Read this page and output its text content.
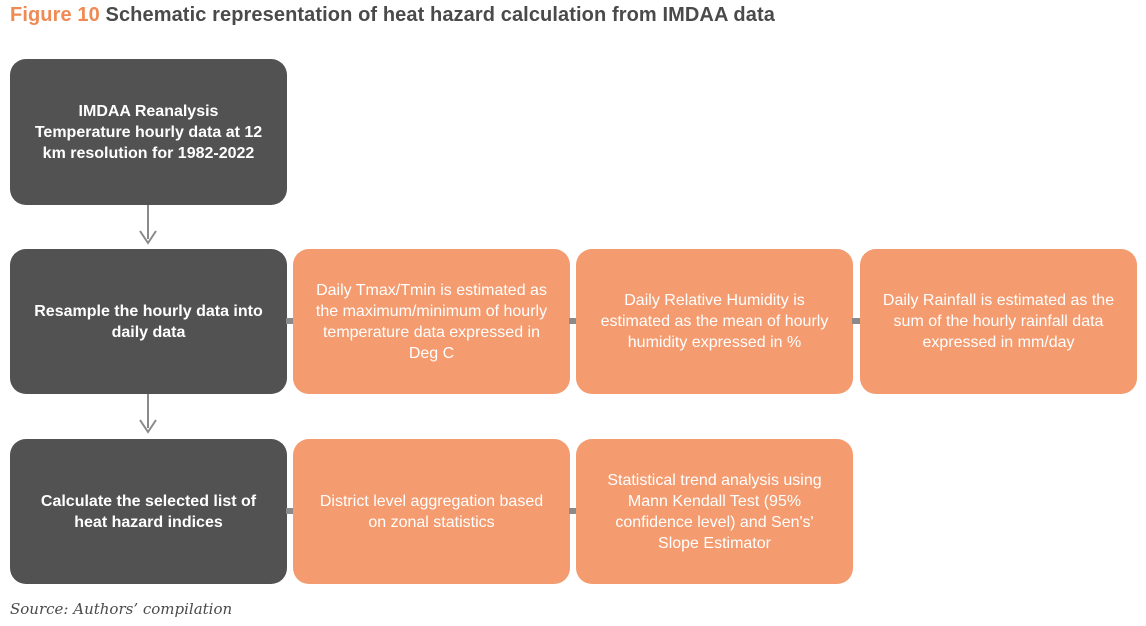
Figure 10 Schematic representation of heat hazard calculation from IMDAA data
IMDAA Reanalysis Temperature hourly data at 12 km resolution for 1982-2022
Resample the hourly data into daily data
Daily Tmax/Tmin is estimated as the maximum/minimum of hourly temperature data expressed in Deg C
Daily Relative Humidity is estimated as the mean of hourly humidity expressed in %
Daily Rainfall is estimated as the sum of the hourly rainfall data expressed in mm/day
Calculate the selected list of heat hazard indices
District level aggregation based on zonal statistics
Statistical trend analysis using Mann Kendall Test (95% confidence level) and Sen's' Slope Estimator
Source: Authors’ compilation
